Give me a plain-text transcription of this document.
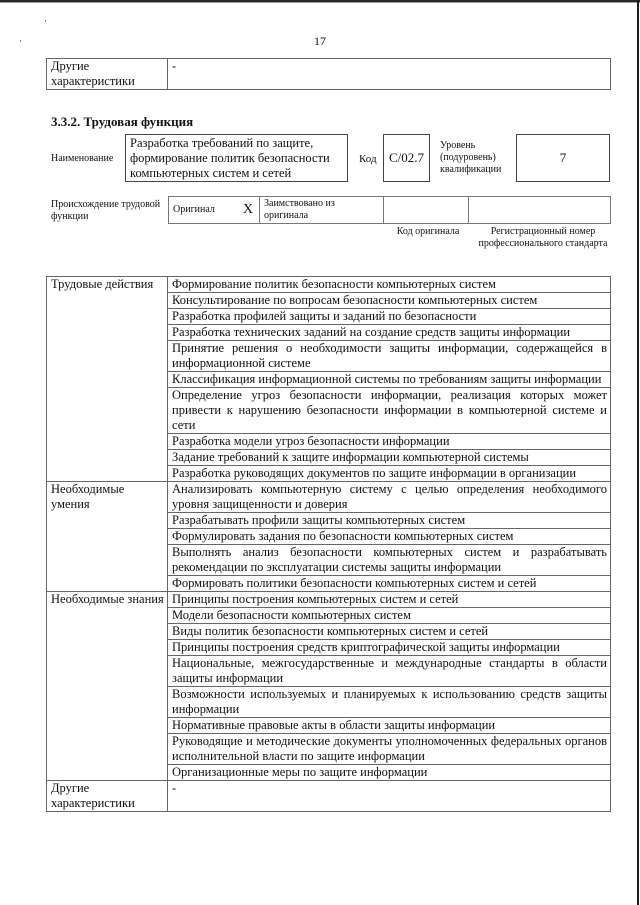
17
Другие характеристики	-
3.3.2. Трудовая функция
Наименование
Разработка требований по защите, формирование политик безопасности компьютерных систем и сетей
Код C/02.7
Уровень (подуровень) квалификации
7
Происхождение трудовой функции
Оригинал	X	Заимствовано из оригинала		
Код оригинала	Регистрационный номер профессионального стандарта
Трудовые действия	Формирование политик безопасности компьютерных систем
	Консультирование по вопросам безопасности компьютерных систем
	Разработка профилей защиты и заданий по безопасности
	Разработка технических заданий на создание средств защиты информации
	Принятие решения о необходимости защиты информации, содержащейся в информационной системе
	Классификация информационной системы по требованиям защиты информации
	Определение угроз безопасности информации, реализация которых может привести к нарушению безопасности информации в компьютерной системе и сети
	Разработка модели угроз безопасности информации
	Задание требований к защите информации компьютерной системы
	Разработка руководящих документов по защите информации в организации
Необходимые умения	Анализировать компьютерную систему с целью определения необходимого уровня защищенности и доверия
	Разрабатывать профили защиты компьютерных систем
	Формулировать задания по безопасности компьютерных систем
	Выполнять анализ безопасности компьютерных систем и разрабатывать рекомендации по эксплуатации системы защиты информации
	Формировать политики безопасности компьютерных систем и сетей
Необходимые знания	Принципы построения компьютерных систем и сетей
	Модели безопасности компьютерных систем
	Виды политик безопасности компьютерных систем и сетей
	Принципы построения средств криптографической защиты информации
	Национальные, межгосударственные и международные стандарты в области защиты информации
	Возможности используемых и планируемых к использованию средств защиты информации
	Нормативные правовые акты в области защиты информации
	Руководящие и методические документы уполномоченных федеральных органов исполнительной власти по защите информации
	Организационные меры по защите информации
Другие характеристики	-
